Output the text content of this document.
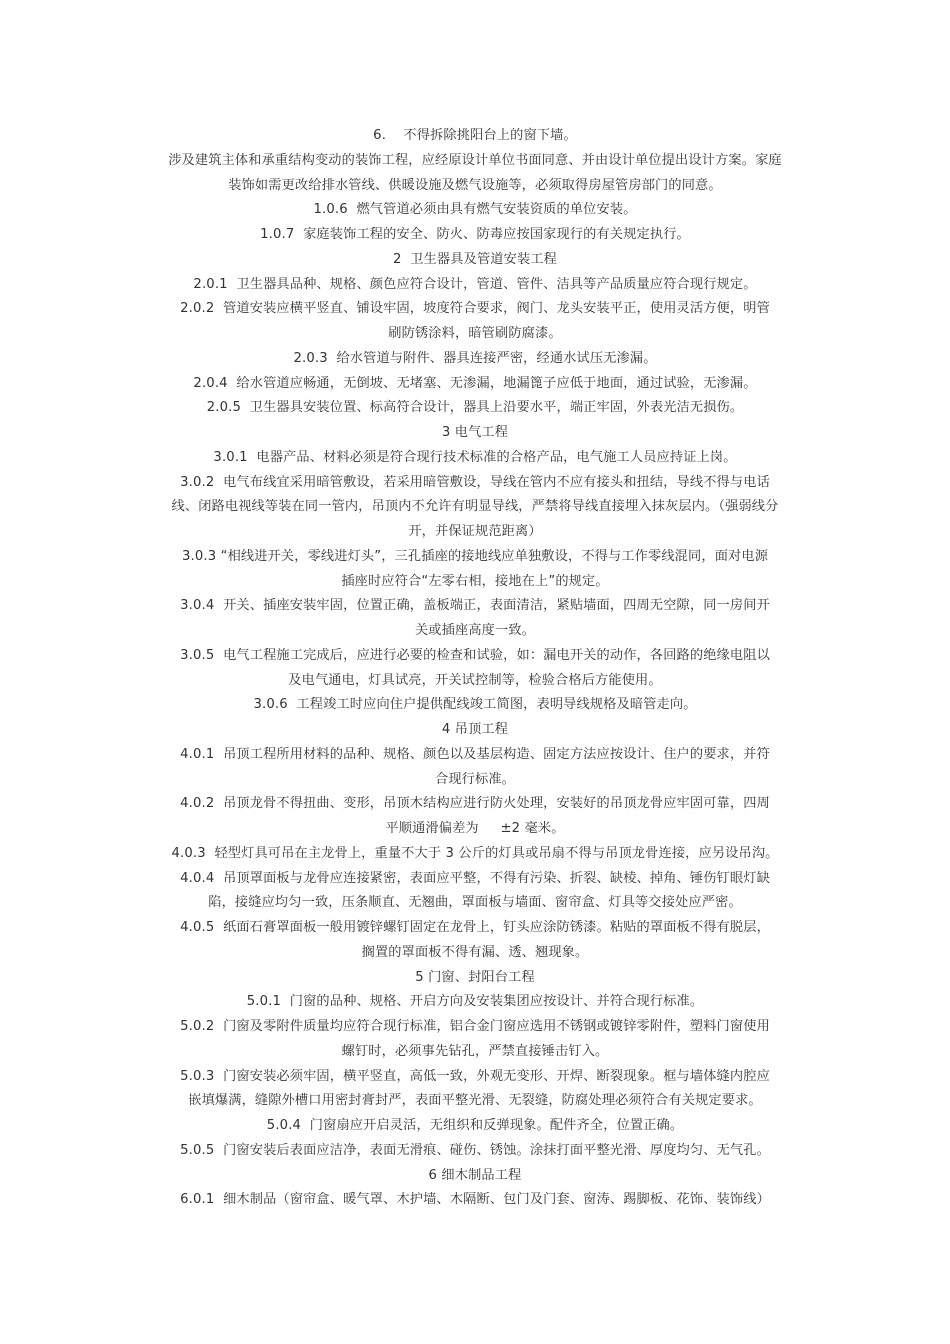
6.    不得拆除挑阳台上的窗下墙。
涉及建筑主体和承重结构变动的装饰工程，应经原设计单位书面同意、并由设计单位提出设计方案。家庭
装饰如需更改给排水管线、供暖设施及燃气设施等，必须取得房屋管房部门的同意。
1.0.6  燃气管道必须由具有燃气安装资质的单位安装。
1.0.7  家庭装饰工程的安全、防火、防毒应按国家现行的有关规定执行。
2  卫生器具及管道安装工程
2.0.1  卫生器具品种、规格、颜色应符合设计，管道、管件、洁具等产品质量应符合现行规定。
2.0.2  管道安装应横平竖直、铺设牢固，坡度符合要求，阀门、龙头安装平正，使用灵活方便，明管
刷防锈涂料，暗管刷防腐漆。
2.0.3  给水管道与附件、器具连接严密，经通水试压无渗漏。
2.0.4  给水管道应畅通，无倒坡、无堵塞、无渗漏，地漏篦子应低于地面，通过试验，无渗漏。
2.0.5  卫生器具安装位置、标高符合设计，器具上沿要水平，端正牢固，外表光洁无损伤。
3 电气工程
3.0.1  电器产品、材料必须是符合现行技术标准的合格产品，电气施工人员应持证上岗。
3.0.2  电气布线宜采用暗管敷设，若采用暗管敷设，导线在管内不应有接头和扭结，导线不得与电话
线、闭路电视线等装在同一管内，吊顶内不允许有明显导线，严禁将导线直接埋入抹灰层内。（强弱线分
开，并保证规范距离）
3.0.3 “相线进开关，零线进灯头”，三孔插座的接地线应单独敷设，不得与工作零线混同，面对电源
插座时应符合“左零右相，接地在上”的规定。
3.0.4  开关、插座安装牢固，位置正确，盖板端正，表面清洁，紧贴墙面，四周无空隙，同一房间开
关或插座高度一致。
3.0.5  电气工程施工完成后，应进行必要的检查和试验，如：漏电开关的动作，各回路的绝缘电阻以
及电气通电，灯具试亮，开关试控制等，检验合格后方能使用。
3.0.6  工程竣工时应向住户提供配线竣工简图，表明导线规格及暗管走向。
4 吊顶工程
4.0.1  吊顶工程所用材料的品种、规格、颜色以及基层构造、固定方法应按设计、住户的要求，并符
合现行标准。
4.0.2  吊顶龙骨不得扭曲、变形，吊顶木结构应进行防火处理，安装好的吊顶龙骨应牢固可靠，四周
平顺通滑偏差为     ±2 毫米。
4.0.3  轻型灯具可吊在主龙骨上，重量不大于 3 公斤的灯具或吊扇不得与吊顶龙骨连接，应另设吊沟。
4.0.4  吊顶罩面板与龙骨应连接紧密，表面应平整，不得有污染、折裂、缺棱、掉角、锤伤钉眼灯缺
陷，接缝应均匀一致，压条顺直、无翘曲，罩面板与墙面、窗帘盒、灯具等交接处应严密。
4.0.5  纸面石膏罩面板一般用镀锌螺钉固定在龙骨上，钉头应涂防锈漆。粘贴的罩面板不得有脱层，
搁置的罩面板不得有漏、透、翘现象。
5 门窗、封阳台工程
5.0.1  门窗的品种、规格、开启方向及安装集团应按设计、并符合现行标准。
5.0.2  门窗及零附件质量均应符合现行标准，铝合金门窗应选用不锈钢或镀锌零附件，塑料门窗使用
螺钉时，必须事先钻孔，严禁直接锤击钉入。
5.0.3  门窗安装必须牢固，横平竖直，高低一致，外观无变形、开焊、断裂现象。框与墙体缝内腔应
嵌填爆满，缝隙外槽口用密封膏封严，表面平整光滑、无裂缝，防腐处理必须符合有关规定要求。
5.0.4  门窗扇应开启灵活，无组织和反弹现象。配件齐全，位置正确。
5.0.5  门窗安装后表面应洁净，表面无滑痕、碰伤、锈蚀。涂抹打面平整光滑、厚度均匀、无气孔。
6 细木制品工程
6.0.1  细木制品（窗帘盒、暖气罩、木护墙、木隔断、包门及门套、窗涛、踢脚板、花饰、装饰线）
